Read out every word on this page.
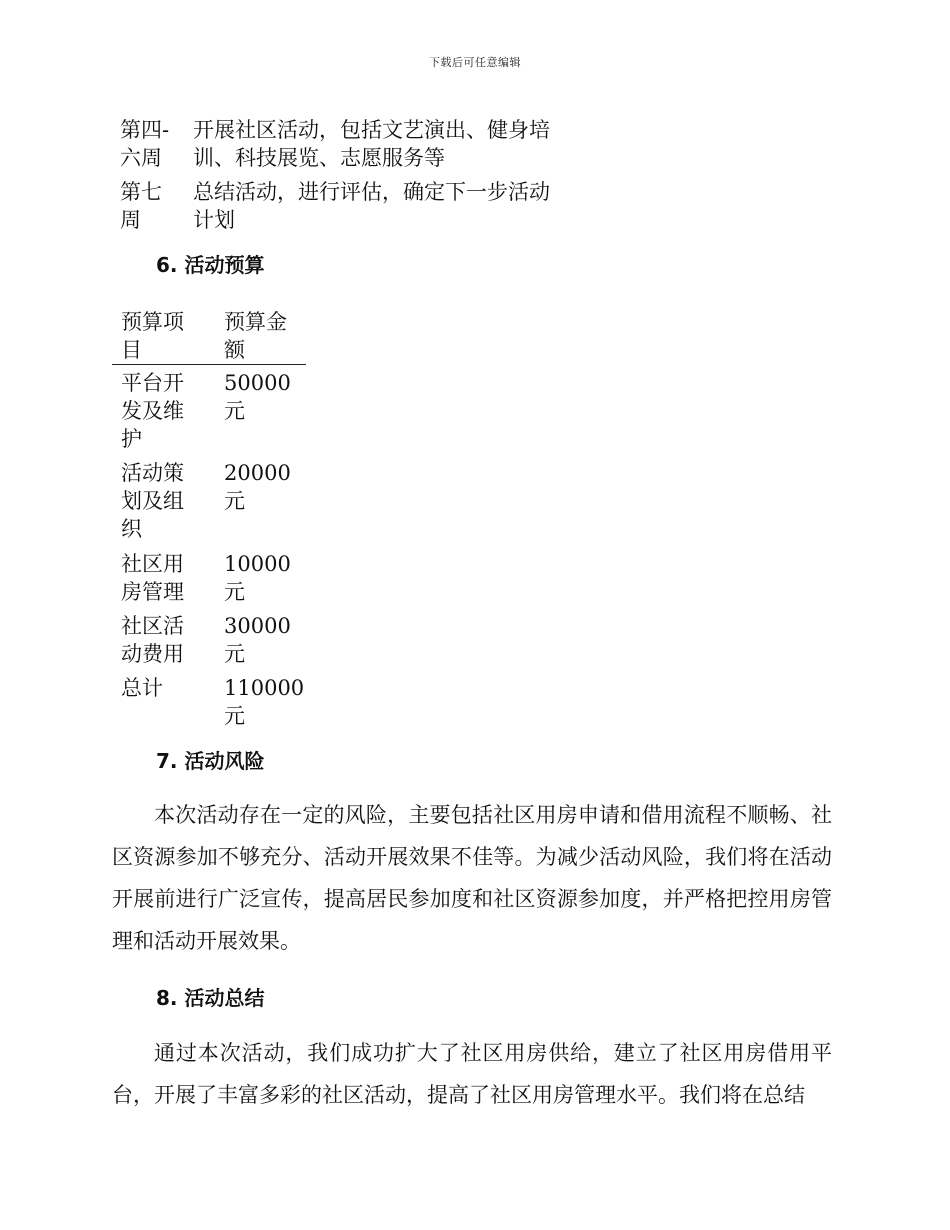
下载后可任意编辑
第四-六周
开展社区活动，包括文艺演出、健身培训、科技展览、志愿服务等
第七周
总结活动，进行评估，确定下一步活动计划
6. 活动预算
预算项目
预算金额
平台开发及维护
50000元
活动策划及组织
20000元
社区用房管理
10000元
社区活动费用
30000元
总计	110000元
7. 活动风险
本次活动存在一定的风险，主要包括社区用房申请和借用流程不顺畅、社区资源参加不够充分、活动开展效果不佳等。为减少活动风险，我们将在活动开展前进行广泛宣传，提高居民参加度和社区资源参加度，并严格把控用房管理和活动开展效果。
8. 活动总结
通过本次活动，我们成功扩大了社区用房供给，建立了社区用房借用平台，开展了丰富多彩的社区活动，提高了社区用房管理水平。我们将在总结
